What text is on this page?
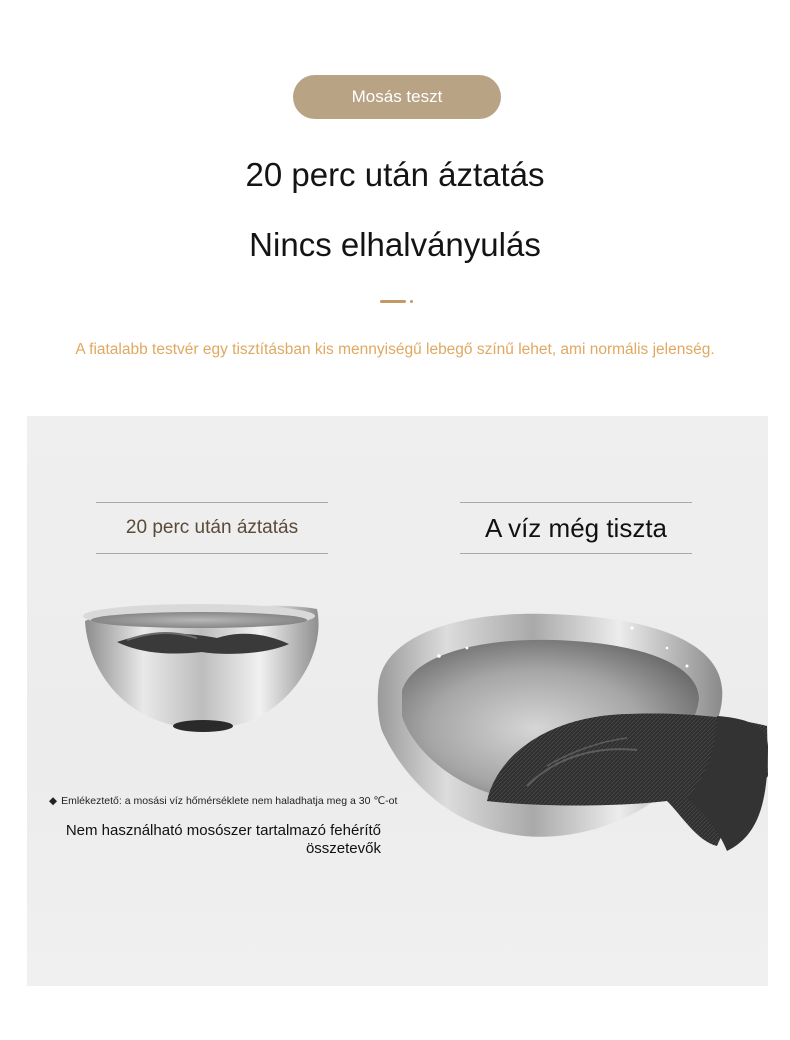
Mosás teszt
20 perc után áztatás
Nincs elhalványulás
A fiatalabb testvér egy tisztításban kis mennyiségű lebegő színű lehet, ami normális jelenség.
20 perc után áztatás	A víz még tiszta
◆ Emlékeztető: a mosási víz hőmérséklete nem haladhatja meg a 30 ℃-ot
Nem használható mosószer tartalmazó fehérítő összetevők
